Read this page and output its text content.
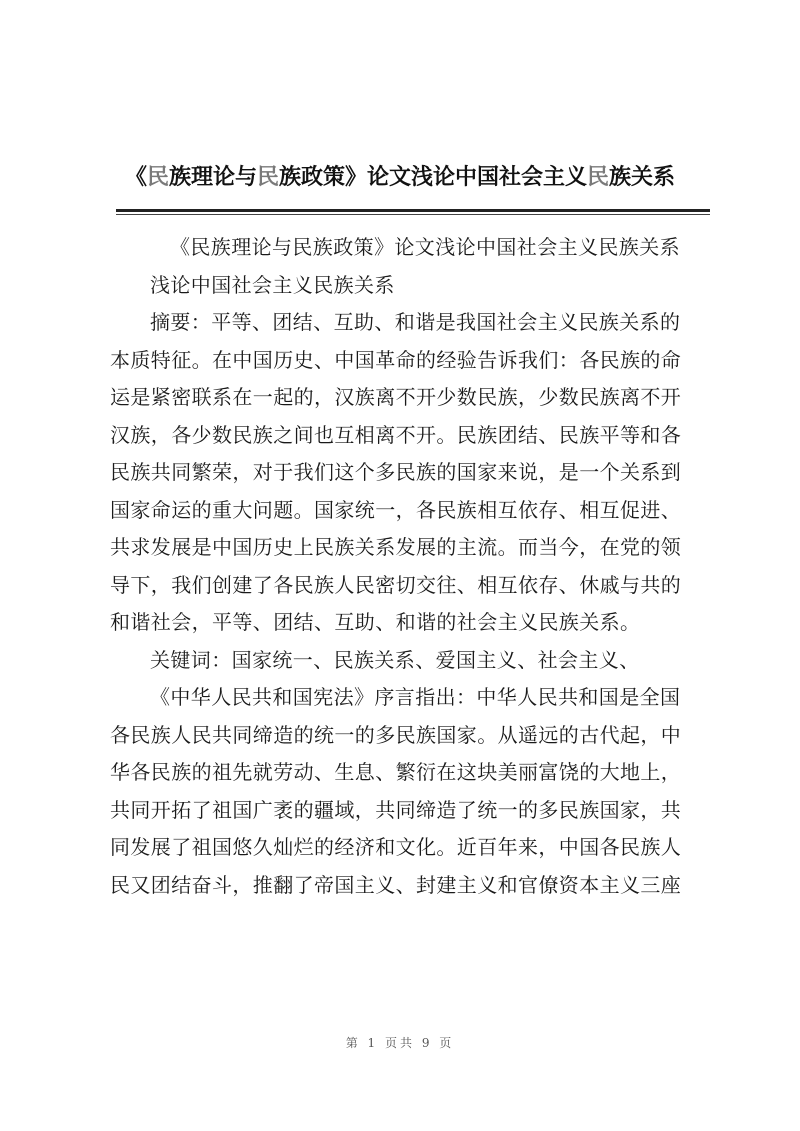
《民族理论与民族政策》论文浅论中国社会主义民族关系
《民族理论与民族政策》论文浅论中国社会主义民族关系
浅论中国社会主义民族关系
摘要：平等、团结、互助、和谐是我国社会主义民族关系的
本质特征。在中国历史、中国革命的经验告诉我们：各民族的命
运是紧密联系在一起的，汉族离不开少数民族，少数民族离不开
汉族，各少数民族之间也互相离不开。民族团结、民族平等和各
民族共同繁荣，对于我们这个多民族的国家来说，是一个关系到
国家命运的重大问题。国家统一，各民族相互依存、相互促进、
共求发展是中国历史上民族关系发展的主流。而当今，在党的领
导下，我们创建了各民族人民密切交往、相互依存、休戚与共的
和谐社会，平等、团结、互助、和谐的社会主义民族关系。
关键词：国家统一、民族关系、爱国主义、社会主义、
《中华人民共和国宪法》序言指出：中华人民共和国是全国
各民族人民共同缔造的统一的多民族国家。从遥远的古代起，中
华各民族的祖先就劳动、生息、繁衍在这块美丽富饶的大地上，
共同开拓了祖国广袤的疆域，共同缔造了统一的多民族国家，共
同发展了祖国悠久灿烂的经济和文化。近百年来，中国各民族人
民又团结奋斗，推翻了帝国主义、封建主义和官僚资本主义三座
第 1 页共 9 页
